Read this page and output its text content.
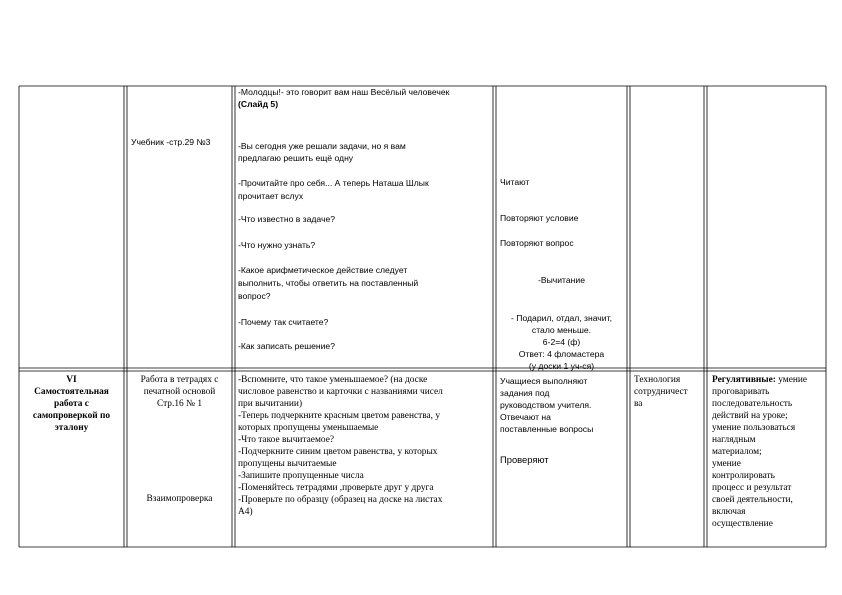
Учебник -стр.29 №3
-Молодцы!- это говорит вам наш Весёлый человечек
(Слайд 5)
-Вы сегодня уже решали задачи, но я вам
предлагаю решить ещё одну
-Прочитайте про себя... А теперь Наташа Шлык
прочитает вслух
-Что известно в задаче?
-Что нужно узнать?
-Какое арифметическое действие следует
выполнить, чтобы ответить на поставленный
вопрос?
-Почему так считаете?
-Как записать решение?
Читают
Повторяют условие
Повторяют вопрос
-Вычитание
- Подарил, отдал, значит,
стало меньше.
6-2=4 (ф)
Ответ: 4 фломастера
(у доски 1 уч-ся)
VI
Самостоятельная
работа с
самопроверкой по
эталону
Работа в тетрадях с
печатной основой
Стр.16 № 1
Взаимопроверка
-Вспомните, что такое уменьшаемое? (на доске
числовое равенство и карточки с названиями чисел
при вычитании)
-Теперь подчеркните красным цветом равенства, у
которых пропущены уменьшаемые
-Что такое вычитаемое?
-Подчеркните синим цветом равенства, у которых
пропущены вычитаемые
-Запишите пропущенные числа
-Поменяйтесь тетрадями ,проверьте друг у друга
-Проверьте по образцу (образец на доске на листах
А4)
Учащиеся выполняют
задания под
руководством учителя.
Отвечают на
поставленные вопросы
Проверяют
Технология
сотрудничест
ва
Регулятивные: умение
проговаривать
последовательность
действий на уроке;
умение пользоваться
наглядным
материалом;
умение
контролировать
процесс и результат
своей деятельности,
включая
осуществление
